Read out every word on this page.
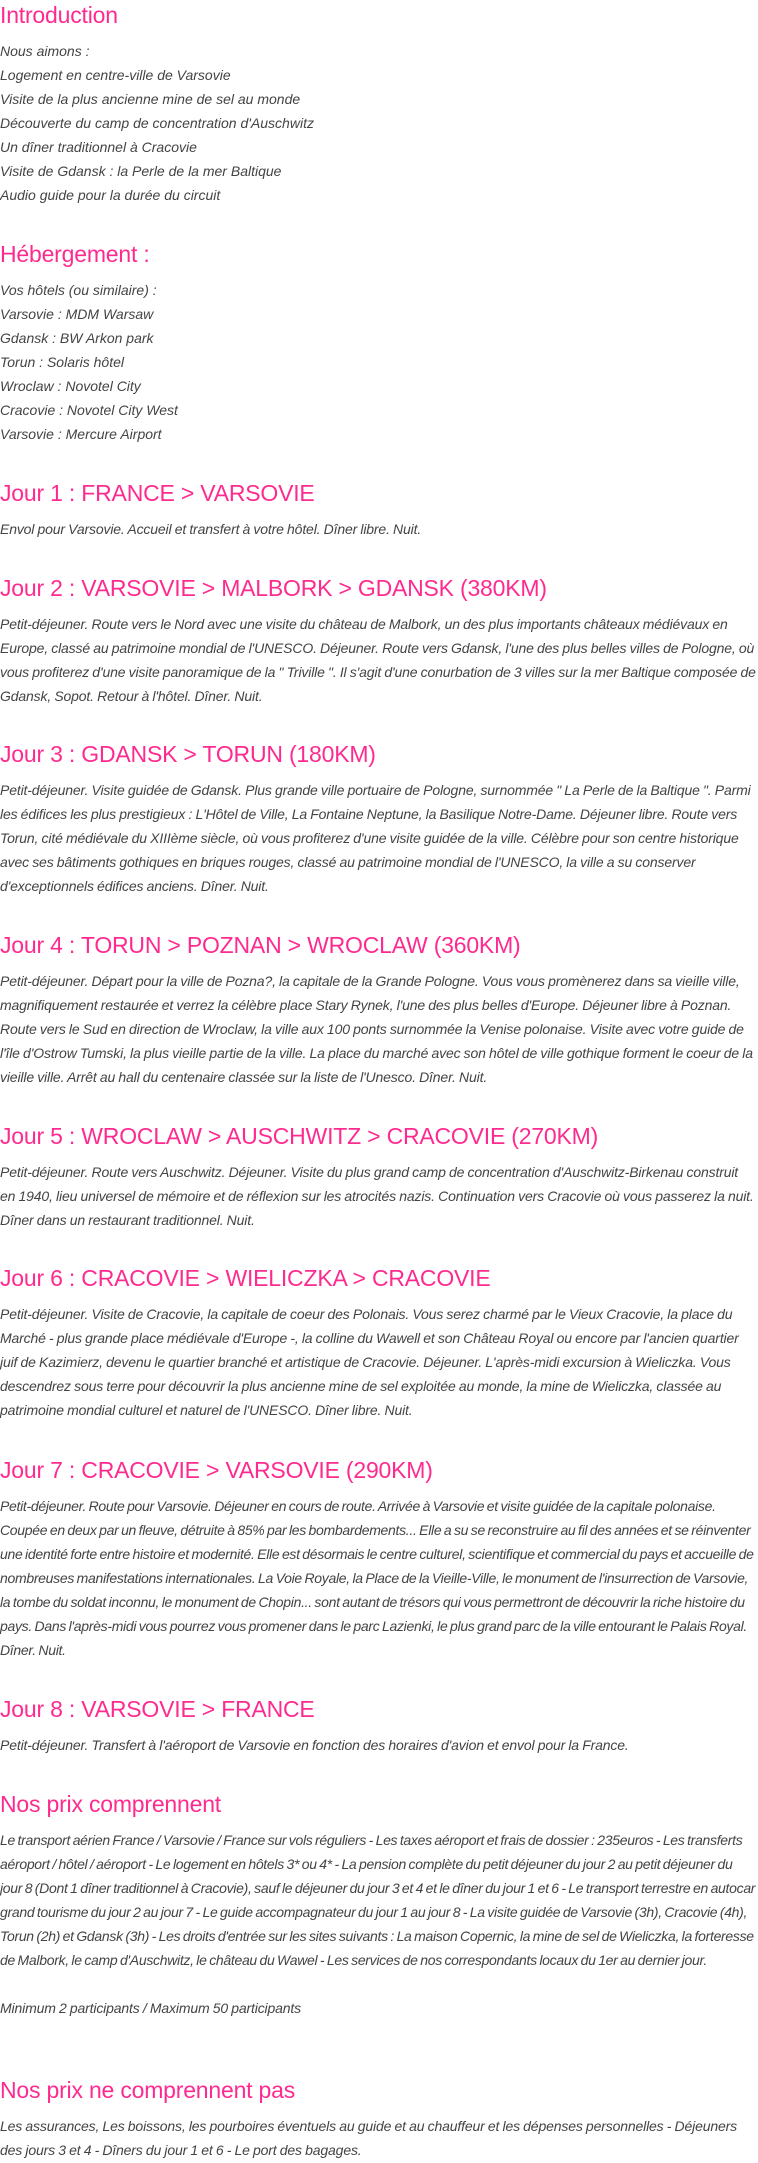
Introduction

Nous aimons :

Logement en centre-ville de Varsovie

Visite de la plus ancienne mine de sel au monde

Découverte du camp de concentration d'Auschwitz

Un dîner traditionnel à Cracovie

Visite de Gdansk : la Perle de la mer Baltique

Audio guide pour la durée du circuit

Hébergement :

Vos hôtels (ou similaire) :

Varsovie : MDM Warsaw

Gdansk : BW Arkon park

Torun : Solaris hôtel

Wroclaw : Novotel City

Cracovie : Novotel City West

Varsovie : Mercure Airport

Jour 1 : FRANCE > VARSOVIE

Envol pour Varsovie. Accueil et transfert à votre hôtel. Dîner libre. Nuit.

Jour 2 : VARSOVIE > MALBORK > GDANSK (380KM)

Petit-déjeuner. Route vers le Nord avec une visite du château de Malbork, un des plus importants châteaux médiévaux en Europe, classé au patrimoine mondial de l'UNESCO. Déjeuner. Route vers Gdansk, l'une des plus belles villes de Pologne, où vous profiterez d'une visite panoramique de la " Triville ". Il s'agit d'une conurbation de 3 villes sur la mer Baltique composée de Gdansk, Sopot. Retour à l'hôtel. Dîner. Nuit.

Jour 3 : GDANSK > TORUN (180KM)

Petit-déjeuner. Visite guidée de Gdansk. Plus grande ville portuaire de Pologne, surnommée " La Perle de la Baltique ". Parmi les édifices les plus prestigieux : L'Hôtel de Ville, La Fontaine Neptune, la Basilique Notre-Dame. Déjeuner libre. Route vers Torun, cité médiévale du XIIIème siècle, où vous profiterez d'une visite guidée de la ville. Célèbre pour son centre historique avec ses bâtiments gothiques en briques rouges, classé au patrimoine mondial de l'UNESCO, la ville a su conserver d'exceptionnels édifices anciens. Dîner. Nuit.

Jour 4 : TORUN > POZNAN > WROCLAW (360KM)

Petit-déjeuner. Départ pour la ville de Pozna?, la capitale de la Grande Pologne. Vous vous promènerez dans sa vieille ville, magnifiquement restaurée et verrez la célèbre place Stary Rynek, l'une des plus belles d'Europe. Déjeuner libre à Poznan. Route vers le Sud en direction de Wroclaw, la ville aux 100 ponts surnommée la Venise polonaise. Visite avec votre guide de l'île d'Ostrow Tumski, la plus vieille partie de la ville. La place du marché avec son hôtel de ville gothique forment le coeur de la vieille ville. Arrêt au hall du centenaire classée sur la liste de l'Unesco. Dîner. Nuit.

Jour 5 : WROCLAW > AUSCHWITZ > CRACOVIE (270KM)

Petit-déjeuner. Route vers Auschwitz. Déjeuner. Visite du plus grand camp de concentration d'Auschwitz-Birkenau construit en 1940, lieu universel de mémoire et de réflexion sur les atrocités nazis. Continuation vers Cracovie où vous passerez la nuit. Dîner dans un restaurant traditionnel. Nuit.

Jour 6 : CRACOVIE > WIELICZKA > CRACOVIE

Petit-déjeuner. Visite de Cracovie, la capitale de coeur des Polonais. Vous serez charmé par le Vieux Cracovie, la place du Marché - plus grande place médiévale d'Europe -, la colline du Wawell et son Château Royal ou encore par l'ancien quartier juif de Kazimierz, devenu le quartier branché et artistique de Cracovie. Déjeuner. L'après-midi excursion à Wieliczka. Vous descendrez sous terre pour découvrir la plus ancienne mine de sel exploitée au monde, la mine de Wieliczka, classée au patrimoine mondial culturel et naturel de l'UNESCO. Dîner libre. Nuit.

Jour 7 : CRACOVIE > VARSOVIE (290KM)

Petit-déjeuner. Route pour Varsovie. Déjeuner en cours de route. Arrivée à Varsovie et visite guidée de la capitale polonaise. Coupée en deux par un fleuve, détruite à 85% par les bombardements... Elle a su se reconstruire au fil des années et se réinventer une identité forte entre histoire et modernité. Elle est désormais le centre culturel, scientifique et commercial du pays et accueille de nombreuses manifestations internationales. La Voie Royale, la Place de la Vieille-Ville, le monument de l'insurrection de Varsovie, la tombe du soldat inconnu, le monument de Chopin... sont autant de trésors qui vous permettront de découvrir la riche histoire du pays. Dans l'après-midi vous pourrez vous promener dans le parc Lazienki, le plus grand parc de la ville entourant le Palais Royal. Dîner. Nuit.

Jour 8 : VARSOVIE > FRANCE

Petit-déjeuner. Transfert à l'aéroport de Varsovie en fonction des horaires d'avion et envol pour la France.

Nos prix comprennent

Le transport aérien France / Varsovie / France sur vols réguliers - Les taxes aéroport et frais de dossier : 235euros - Les transferts aéroport / hôtel / aéroport - Le logement en hôtels 3* ou 4* - La pension complète du petit déjeuner du jour 2 au petit déjeuner du jour 8 (Dont 1 dîner traditionnel à Cracovie), sauf le déjeuner du jour 3 et 4 et le dîner du jour 1 et 6 - Le transport terrestre en autocar grand tourisme du jour 2 au jour 7 - Le guide accompagnateur du jour 1 au jour 8 - La visite guidée de Varsovie (3h), Cracovie (4h), Torun (2h) et Gdansk (3h) - Les droits d'entrée sur les sites suivants : La maison Copernic, la mine de sel de Wieliczka, la forteresse de Malbork, le camp d'Auschwitz, le château du Wawel - Les services de nos correspondants locaux du 1er au dernier jour.

Minimum 2 participants / Maximum 50 participants

Nos prix ne comprennent pas

Les assurances, Les boissons, les pourboires éventuels au guide et au chauffeur et les dépenses personnelles - Déjeuners des jours 3 et 4 - Dîners du jour 1 et 6 - Le port des bagages.
